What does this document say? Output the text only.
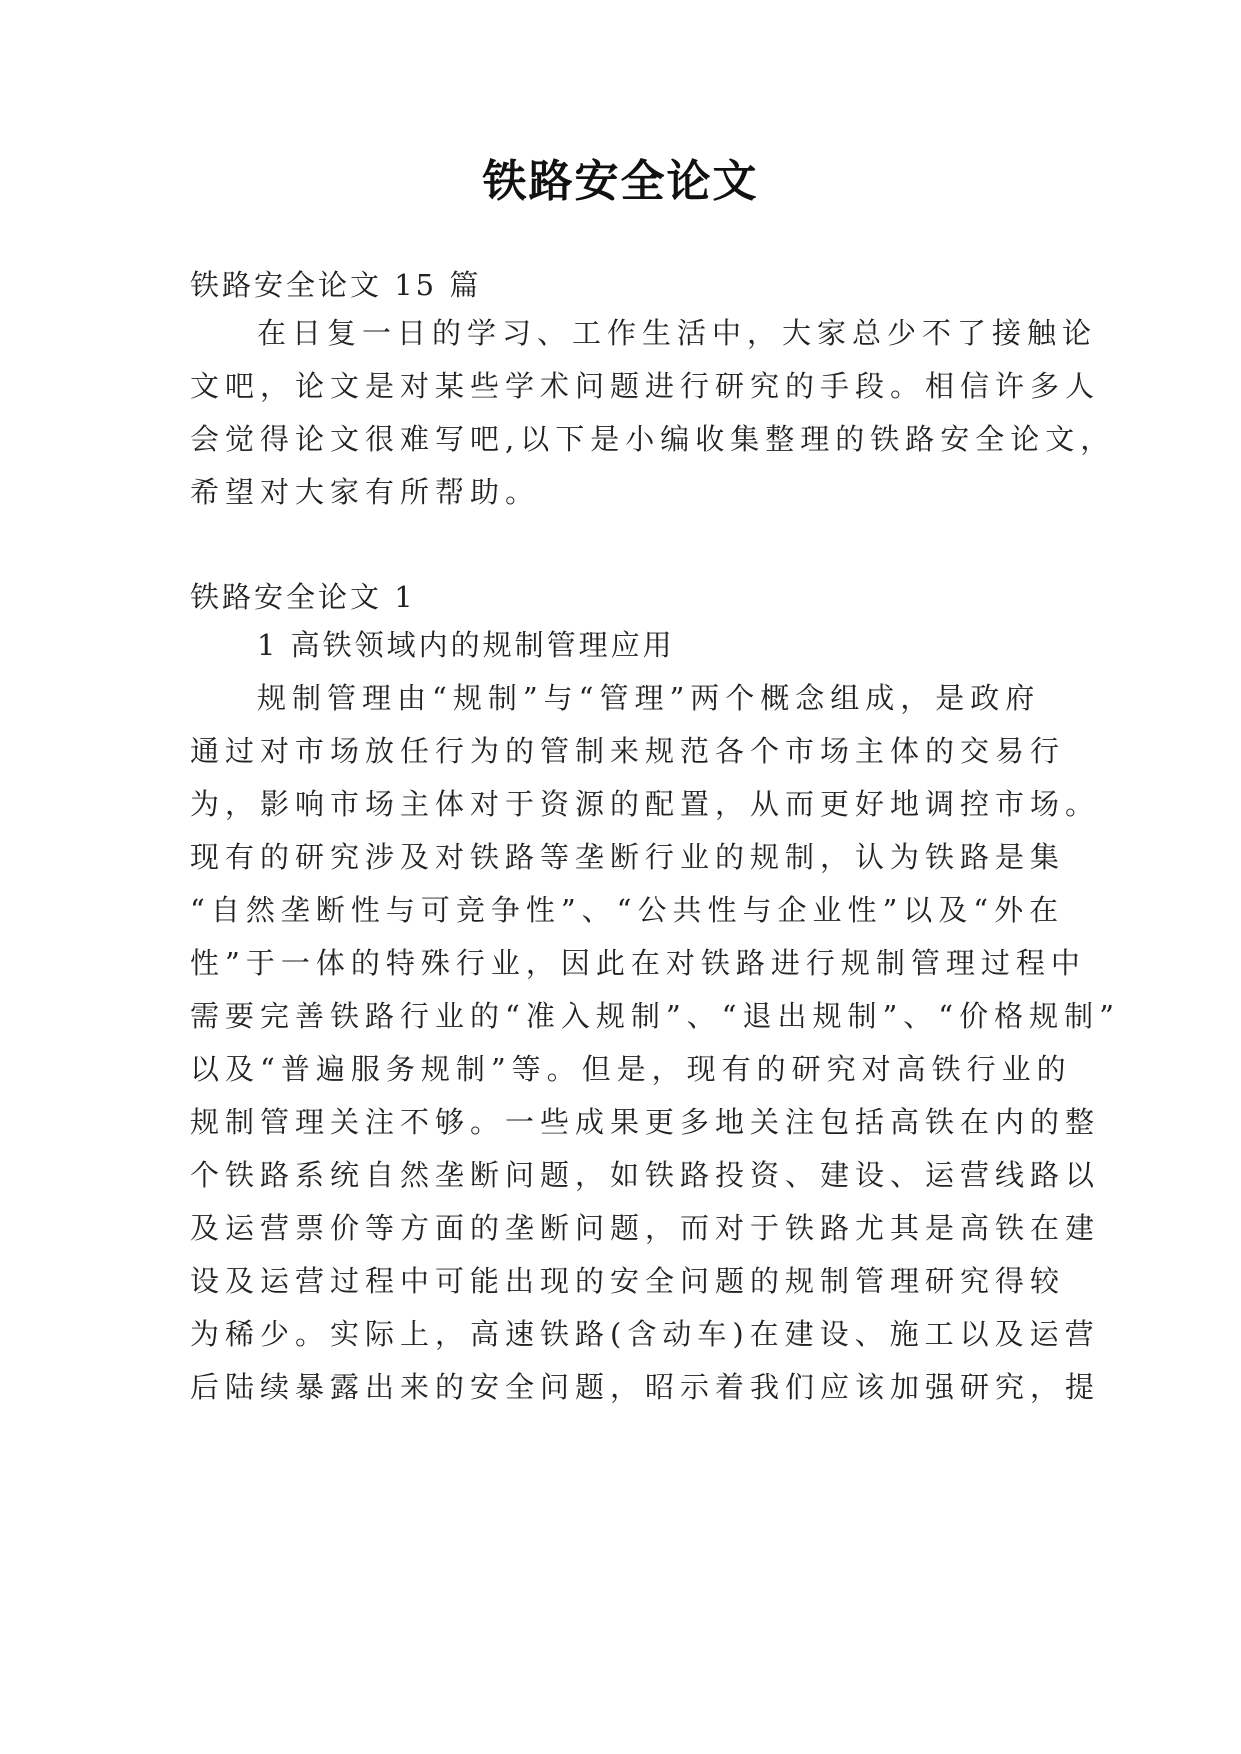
铁路安全论文
铁路安全论文 15 篇
在日复一日的学习、工作生活中，大家总少不了接触论
文吧，论文是对某些学术问题进行研究的手段。相信许多人
会觉得论文很难写吧,以下是小编收集整理的铁路安全论文，
希望对大家有所帮助。
铁路安全论文 1
1 高铁领域内的规制管理应用
规制管理由“规制”与“管理”两个概念组成，是政府
通过对市场放任行为的管制来规范各个市场主体的交易行
为，影响市场主体对于资源的配置，从而更好地调控市场。
现有的研究涉及对铁路等垄断行业的规制，认为铁路是集
“自然垄断性与可竞争性”、“公共性与企业性”以及“外在
性”于一体的特殊行业，因此在对铁路进行规制管理过程中
需要完善铁路行业的“准入规制”、“退出规制”、“价格规制”
以及“普遍服务规制”等。但是，现有的研究对高铁行业的
规制管理关注不够。一些成果更多地关注包括高铁在内的整
个铁路系统自然垄断问题，如铁路投资、建设、运营线路以
及运营票价等方面的垄断问题，而对于铁路尤其是高铁在建
设及运营过程中可能出现的安全问题的规制管理研究得较
为稀少。实际上，高速铁路(含动车)在建设、施工以及运营
后陆续暴露出来的安全问题，昭示着我们应该加强研究，提
